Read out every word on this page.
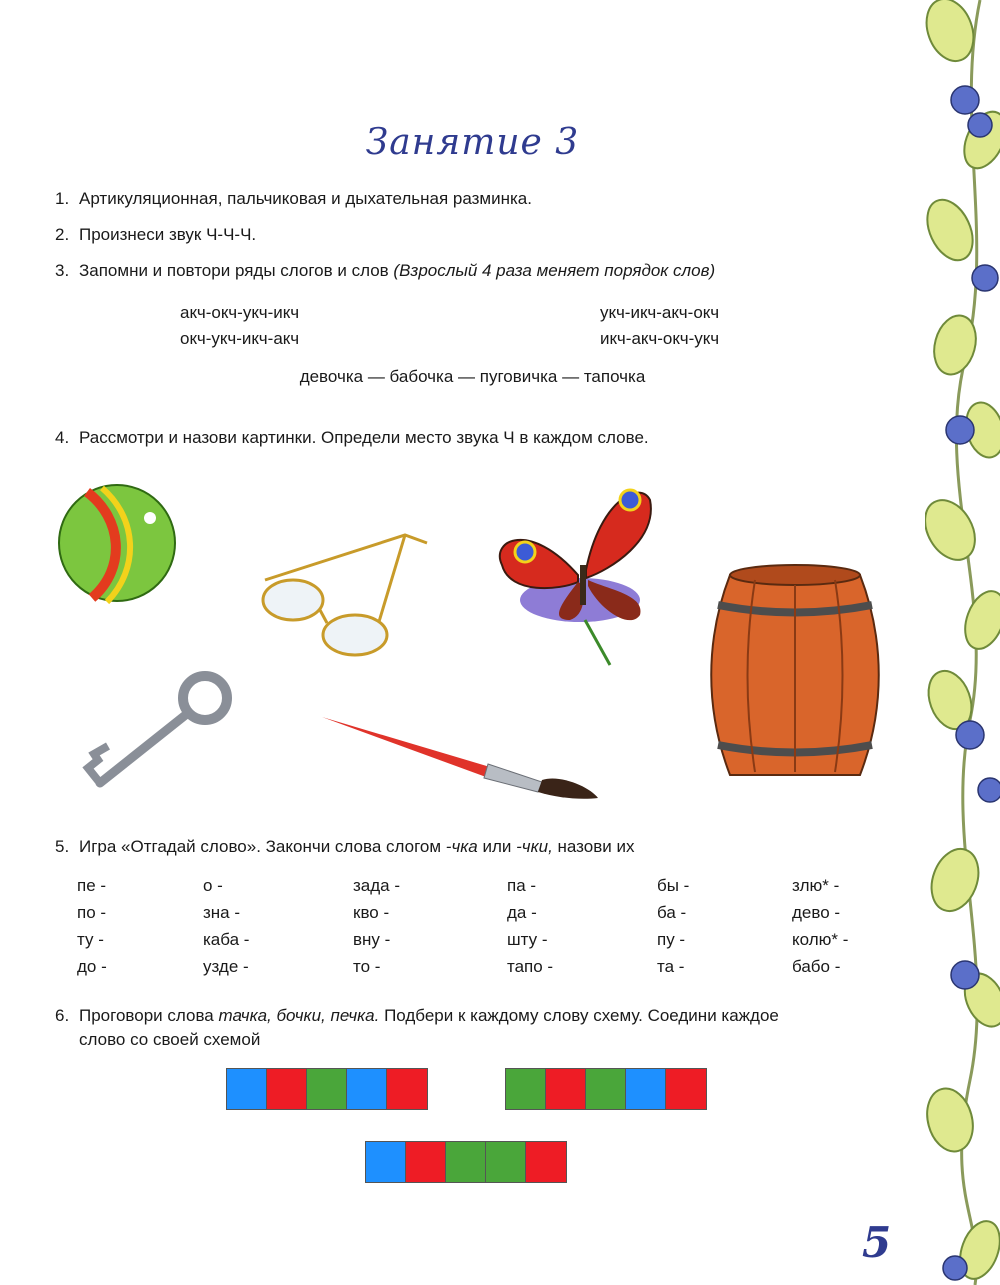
Занятие 3
1. Артикуляционная, пальчиковая и дыхательная разминка.
2. Произнеси звук Ч-Ч-Ч.
3. Запомни и повтори ряды слогов и слов (Взрослый 4 раза меняет порядок слов)
акч-окч-укч-икч
окч-укч-икч-акч
укч-икч-акч-окч
икч-акч-окч-укч
девочка — бабочка — пуговичка — тапочка
4. Рассмотри и назови картинки. Определи место звука Ч в каждом слове.
5. Игра «Отгадай слово». Закончи слова слогом -чка или -чки, назови их
пе -
по -
ту -
до -
о -
зна -
каба -
узде -
зада -
кво -
вну -
то -
па -
да -
шту -
тапо -
бы -
ба -
пу -
та -
злю* -
дево -
колю* -
бабо -
6. Проговори слова тачка, бочки, печка. Подбери к каждому слову схему. Соедини каждое
слово со своей схемой
5
